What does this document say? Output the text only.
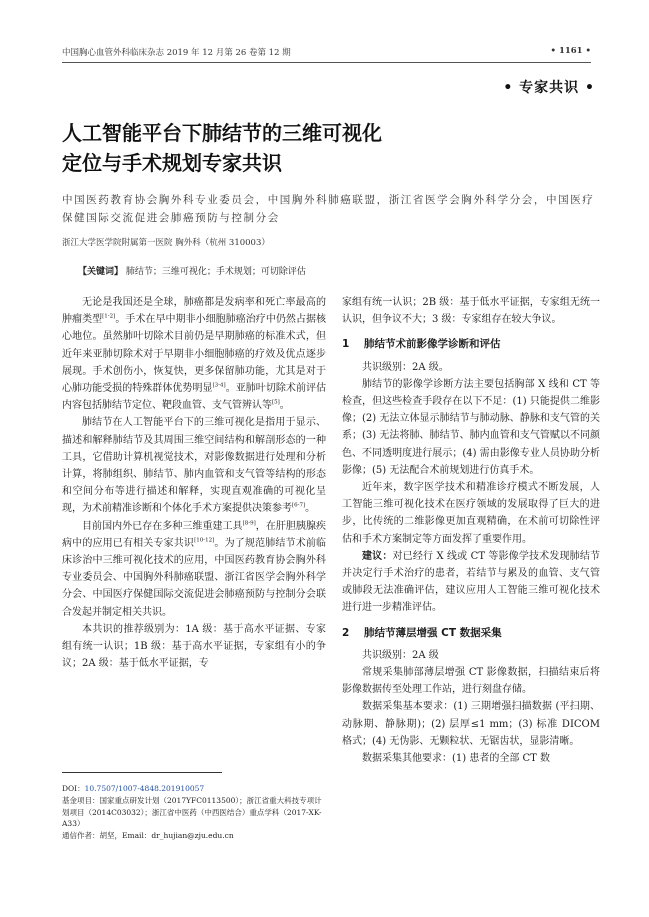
中国胸心血管外科临床杂志 2019 年 12 月第 26 卷第 12 期	• 1161 •
• 专家共识 •
人工智能平台下肺结节的三维可视化
定位与手术规划专家共识
中国医药教育协会胸外科专业委员会，中国胸外科肺癌联盟，浙江省医学会胸外科学分会，中国医疗保健国际交流促进会肺癌预防与控制分会
浙江大学医学院附属第一医院 胸外科（杭州 310003）
【关键词】 肺结节；三维可视化；手术规划；可切除评估

无论是我国还是全球，肺癌都是发病率和死亡率最高的肿瘤类型[1-2]。手术在早中期非小细胞肺癌治疗中仍然占据核心地位。虽然肺叶切除术目前仍是早期肺癌的标准术式，但近年来亚肺切除术对于早期非小细胞肺癌的疗效及优点逐步展现。手术创伤小，恢复快，更多保留肺功能，尤其是对于心肺功能受损的特殊群体优势明显[3-4]。亚肺叶切除术前评估内容包括肺结节定位、靶段血管、支气管辨认等[5]。

肺结节在人工智能平台下的三维可视化是指用于显示、描述和解释肺结节及其周围三维空间结构和解剖形态的一种工具，它借助计算机视觉技术，对影像数据进行处理和分析计算，将肺组织、肺结节、肺内血管和支气管等结构的形态和空间分布等进行描述和解释，实现直观准确的可视化呈现，为术前精准诊断和个体化手术方案提供决策参考[6-7]。

目前国内外已存在多种三维重建工具[8-9]，在肝胆胰腺疾病中的应用已有相关专家共识[10-12]。为了规范肺结节术前临床诊治中三维可视化技术的应用，中国医药教育协会胸外科专业委员会、中国胸外科肺癌联盟、浙江省医学会胸外科学分会、中国医疗保健国际交流促进会肺癌预防与控制分会联合发起并制定相关共识。

本共识的推荐级别为：1A 级：基于高水平证据、专家组有统一认识；1B 级：基于高水平证据，专家组有小的争议；2A 级：基于低水平证据，专

家组有统一认识；2B 级：基于低水平证据，专家组无统一认识，但争议不大；3 级：专家组存在较大争议。

1 肺结节术前影像学诊断和评估

共识级别：2A 级。

肺结节的影像学诊断方法主要包括胸部 X 线和 CT 等检查，但这些检查手段存在以下不足：(1) 只能提供二维影像；(2) 无法立体显示肺结节与肺动脉、静脉和支气管的关系；(3) 无法将肺、肺结节、肺内血管和支气管赋以不同颜色、不同透明度进行展示；(4) 需由影像专业人员协助分析影像；(5) 无法配合术前规划进行仿真手术。

近年来，数字医学技术和精准诊疗模式不断发展，人工智能三维可视化技术在医疗领域的发展取得了巨大的进步，比传统的二维影像更加直观精确，在术前可切除性评估和手术方案制定等方面发挥了重要作用。

建议：对已经行 X 线或 CT 等影像学技术发现肺结节并决定行手术治疗的患者，若结节与累及的血管、支气管或肺段无法准确评估，建议应用人工智能三维可视化技术进行进一步精准评估。

2 肺结节薄层增强 CT 数据采集

共识级别：2A 级

常规采集肺部薄层增强 CT 影像数据，扫描结束后将影像数据传至处理工作站，进行刻盘存储。

数据采集基本要求：(1) 三期增强扫描数据 (平扫期、动脉期、静脉期)；(2) 层厚≤1 mm；(3) 标准 DICOM 格式；(4) 无伪影、无颗粒状、无锯齿状，显影清晰。

数据采集其他要求：(1) 患者的全部 CT 数

DOI：10.7507/1007-4848.201910057
基金项目：国家重点研发计划（2017YFC0113500）；浙江省重大科技专项计划项目（2014C03032）；浙江省中医药（中西医结合）重点学科（2017-XK-A33）
通信作者：胡坚，Email：dr_hujian@zju.edu.cn
